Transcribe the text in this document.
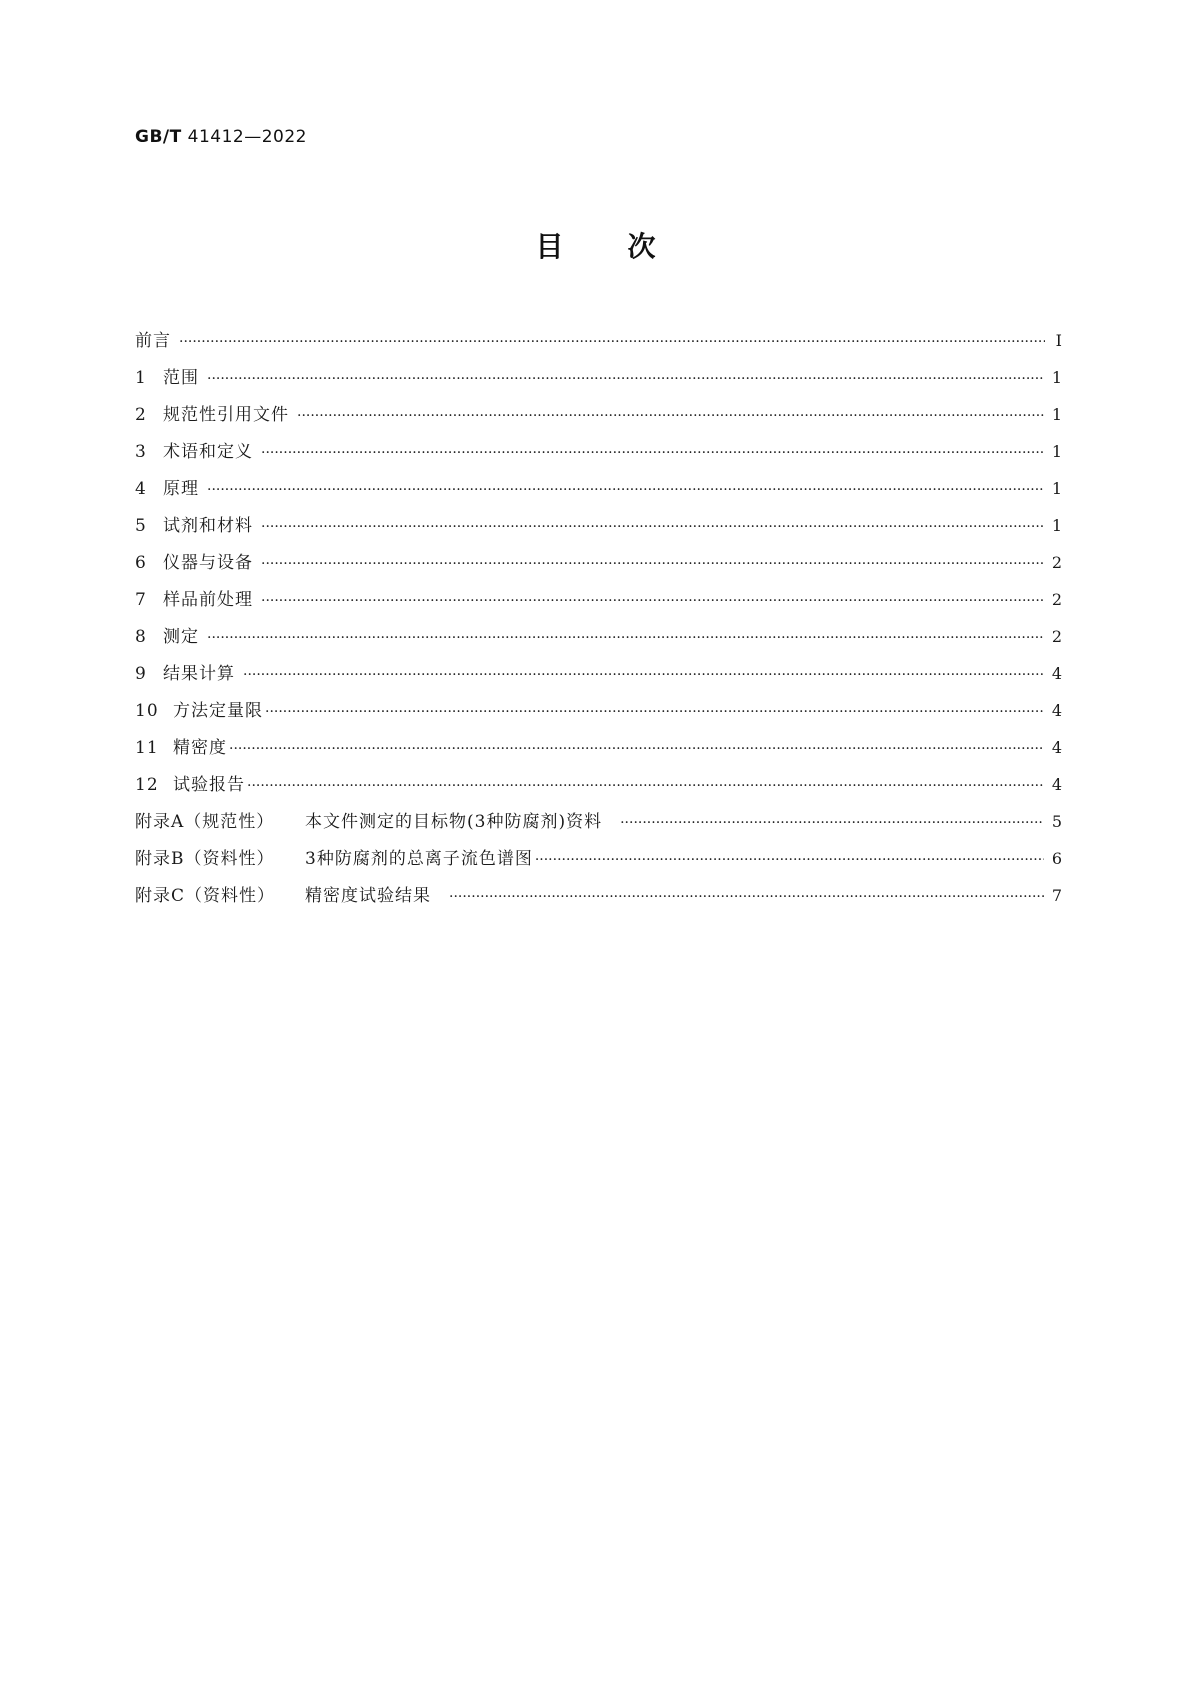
GB/T 41412—2022
目次
前言 ·····	Ⅰ
1 范围 ·····	1
2 规范性引用文件 ·····	1
3 术语和定义 ·····	1
4 原理 ·····	1
5 试剂和材料 ·····	1
6 仪器与设备 ·····	2
7 样品前处理 ·····	2
8 测定 ·····	2
9 结果计算 ·····	4
10 方法定量限 ·····	4
11 精密度 ·····	4
12 试验报告 ·····	4
附录A（规范性）	本文件测定的目标物(3种防腐剂)资料 ·····	5
附录B（资料性）	3种防腐剂的总离子流色谱图 ·····	6
附录C（资料性）	精密度试验结果 ·····	7
